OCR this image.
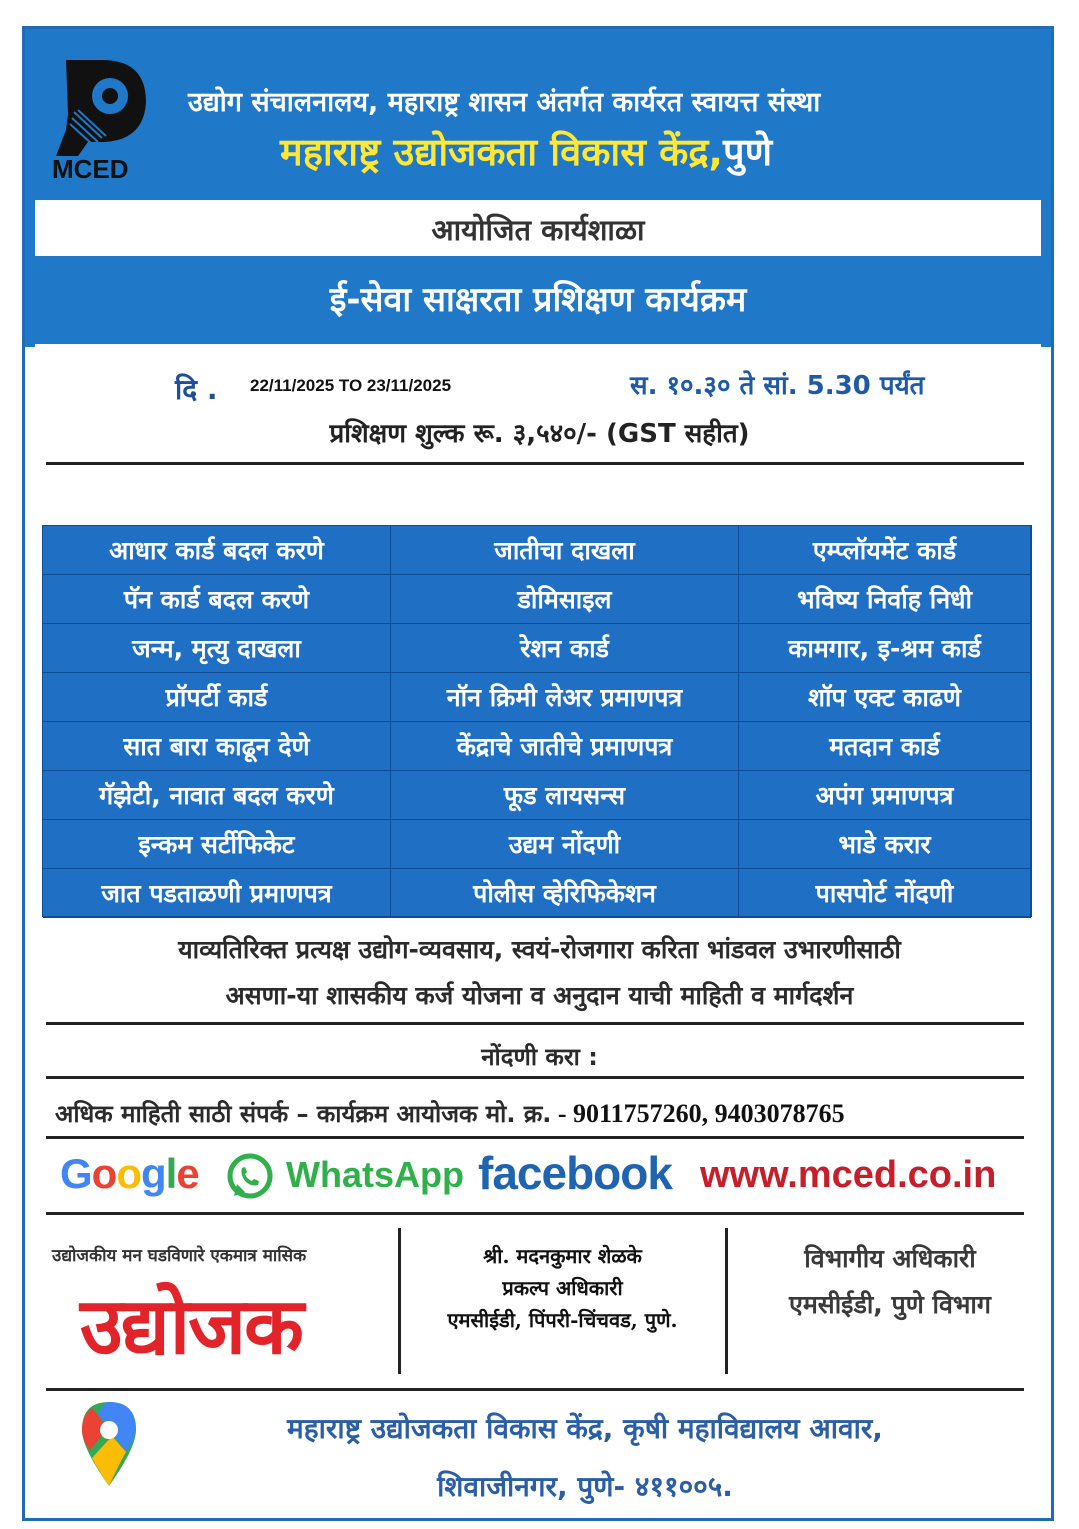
MCED
उद्योग संचालनालय, महाराष्ट्र शासन अंतर्गत कार्यरत स्वायत्त संस्था
महाराष्ट्र उद्योजकता विकास केंद्र,पुणे
आयोजित कार्यशाळा
ई-सेवा साक्षरता प्रशिक्षण कार्यक्रम
दि . 22/11/2025 TO 23/11/2025	स. १०.३० ते सां. 5.30 पर्यंत
प्रशिक्षण शुल्क रू. ३,५४०/- (GST सहीत)
आधार कार्ड बदल करणे	जातीचा दाखला	एम्प्लॉयमेंट कार्ड
पॅन कार्ड बदल करणे	डोमिसाइल	भविष्य निर्वाह निधी
जन्म, मृत्यु दाखला	रेशन कार्ड	कामगार, इ-श्रम कार्ड
प्रॉपर्टी कार्ड	नॉन क्रिमी लेअर प्रमाणपत्र	शॉप एक्ट काढणे
सात बारा काढून देणे	केंद्राचे जातीचे प्रमाणपत्र	मतदान कार्ड
गॅझेटी, नावात बदल करणे	फूड लायसन्स	अपंग प्रमाणपत्र
इन्कम सर्टीफिकेट	उद्यम नोंदणी	भाडे करार
जात पडताळणी प्रमाणपत्र	पोलीस व्हेरिफिकेशन	पासपोर्ट नोंदणी
याव्यतिरिक्त प्रत्यक्ष उद्योग-व्यवसाय, स्वयं-रोजगारा करिता भांडवल उभारणीसाठी
असणा-या शासकीय कर्ज योजना व अनुदान याची माहिती व मार्गदर्शन
नोंदणी करा :
अधिक माहिती साठी संपर्क – कार्यक्रम आयोजक मो. क्र. - 9011757260, 9403078765
Google WhatsApp facebook www.mced.co.in
उद्योजकीय मन घडविणारे एकमात्र मासिक
उद्योजक
श्री. मदनकुमार शेळके
प्रकल्प अधिकारी
एमसीईडी, पिंपरी-चिंचवड, पुणे.
विभागीय अधिकारी
एमसीईडी, पुणे विभाग
महाराष्ट्र उद्योजकता विकास केंद्र, कृषी महाविद्यालय आवार,
शिवाजीनगर, पुणे- ४११००५.
